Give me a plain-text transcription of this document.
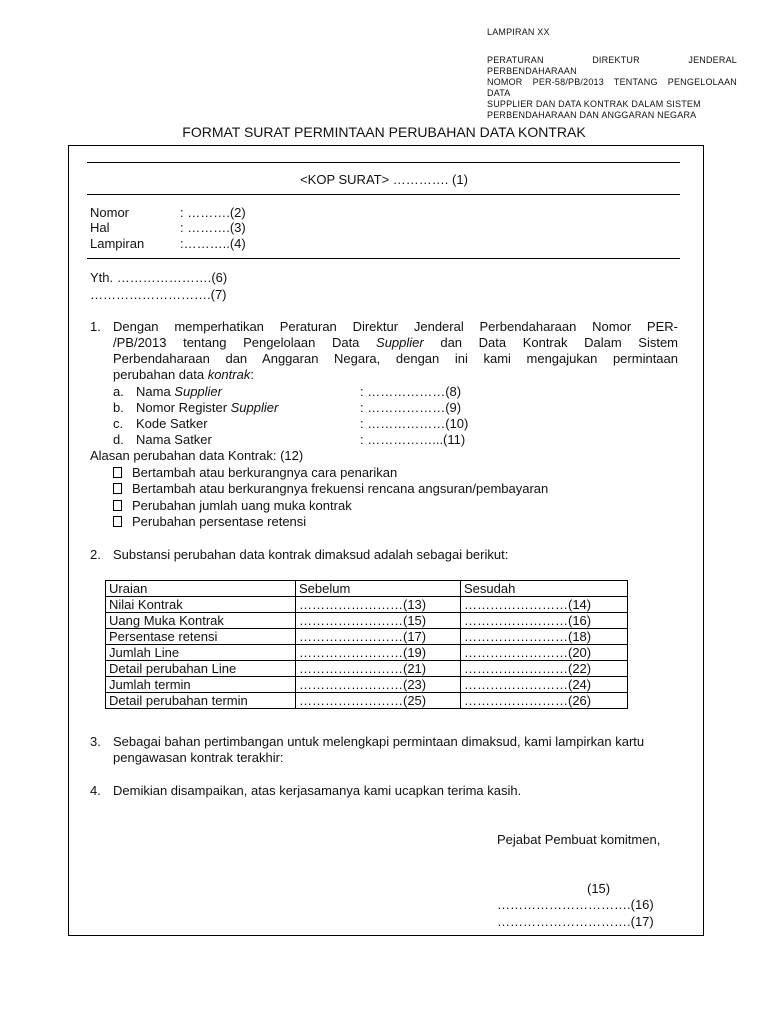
LAMPIRAN XX
PERATURAN DIREKTUR JENDERAL PERBENDAHARAAN
NOMOR PER-58/PB/2013 TENTANG PENGELOLAAN DATA
SUPPLIER DAN DATA KONTRAK DALAM SISTEM
PERBENDAHARAAN DAN ANGGARAN NEGARA
FORMAT SURAT PERMINTAAN PERUBAHAN DATA KONTRAK
<KOP SURAT> …………. (1)
Nomor	: ……….(2)
Hal	: ……….(3)
Lampiran	:………..(4)
Yth. ………………….(6)
……………………….(7)
1. Dengan memperhatikan Peraturan Direktur Jenderal Perbendaharaan Nomor PER-
/PB/2013 tentang Pengelolaan Data Supplier dan Data Kontrak Dalam Sistem
Perbendaharaan dan Anggaran Negara, dengan ini kami mengajukan permintaan
perubahan data kontrak:
a. Nama Supplier	: ………………(8)
b. Nomor Register Supplier	: ………………(9)
c. Kode Satker	: ………………(10)
d. Nama Satker	: ……………...(11)
Alasan perubahan data Kontrak: (12)
Bertambah atau berkurangnya cara penarikan
Bertambah atau berkurangnya frekuensi rencana angsuran/pembayaran
Perubahan jumlah uang muka kontrak
Perubahan persentase retensi
2. Substansi perubahan data kontrak dimaksud adalah sebagai berikut:
Uraian	Sebelum	Sesudah
Nilai Kontrak	……………………(13)	……………………(14)
Uang Muka Kontrak	……………………(15)	……………………(16)
Persentase retensi	……………………(17)	……………………(18)
Jumlah Line	……………………(19)	……………………(20)
Detail perubahan Line	……………………(21)	……………………(22)
Jumlah termin	……………………(23)	……………………(24)
Detail perubahan termin	……………………(25)	……………………(26)
3. Sebagai bahan pertimbangan untuk melengkapi permintaan dimaksud, kami lampirkan kartu
pengawasan kontrak terakhir:
4. Demikian disampaikan, atas kerjasamanya kami ucapkan terima kasih.
Pejabat Pembuat komitmen,
(15)
………………………….(16)
………………………….(17)
